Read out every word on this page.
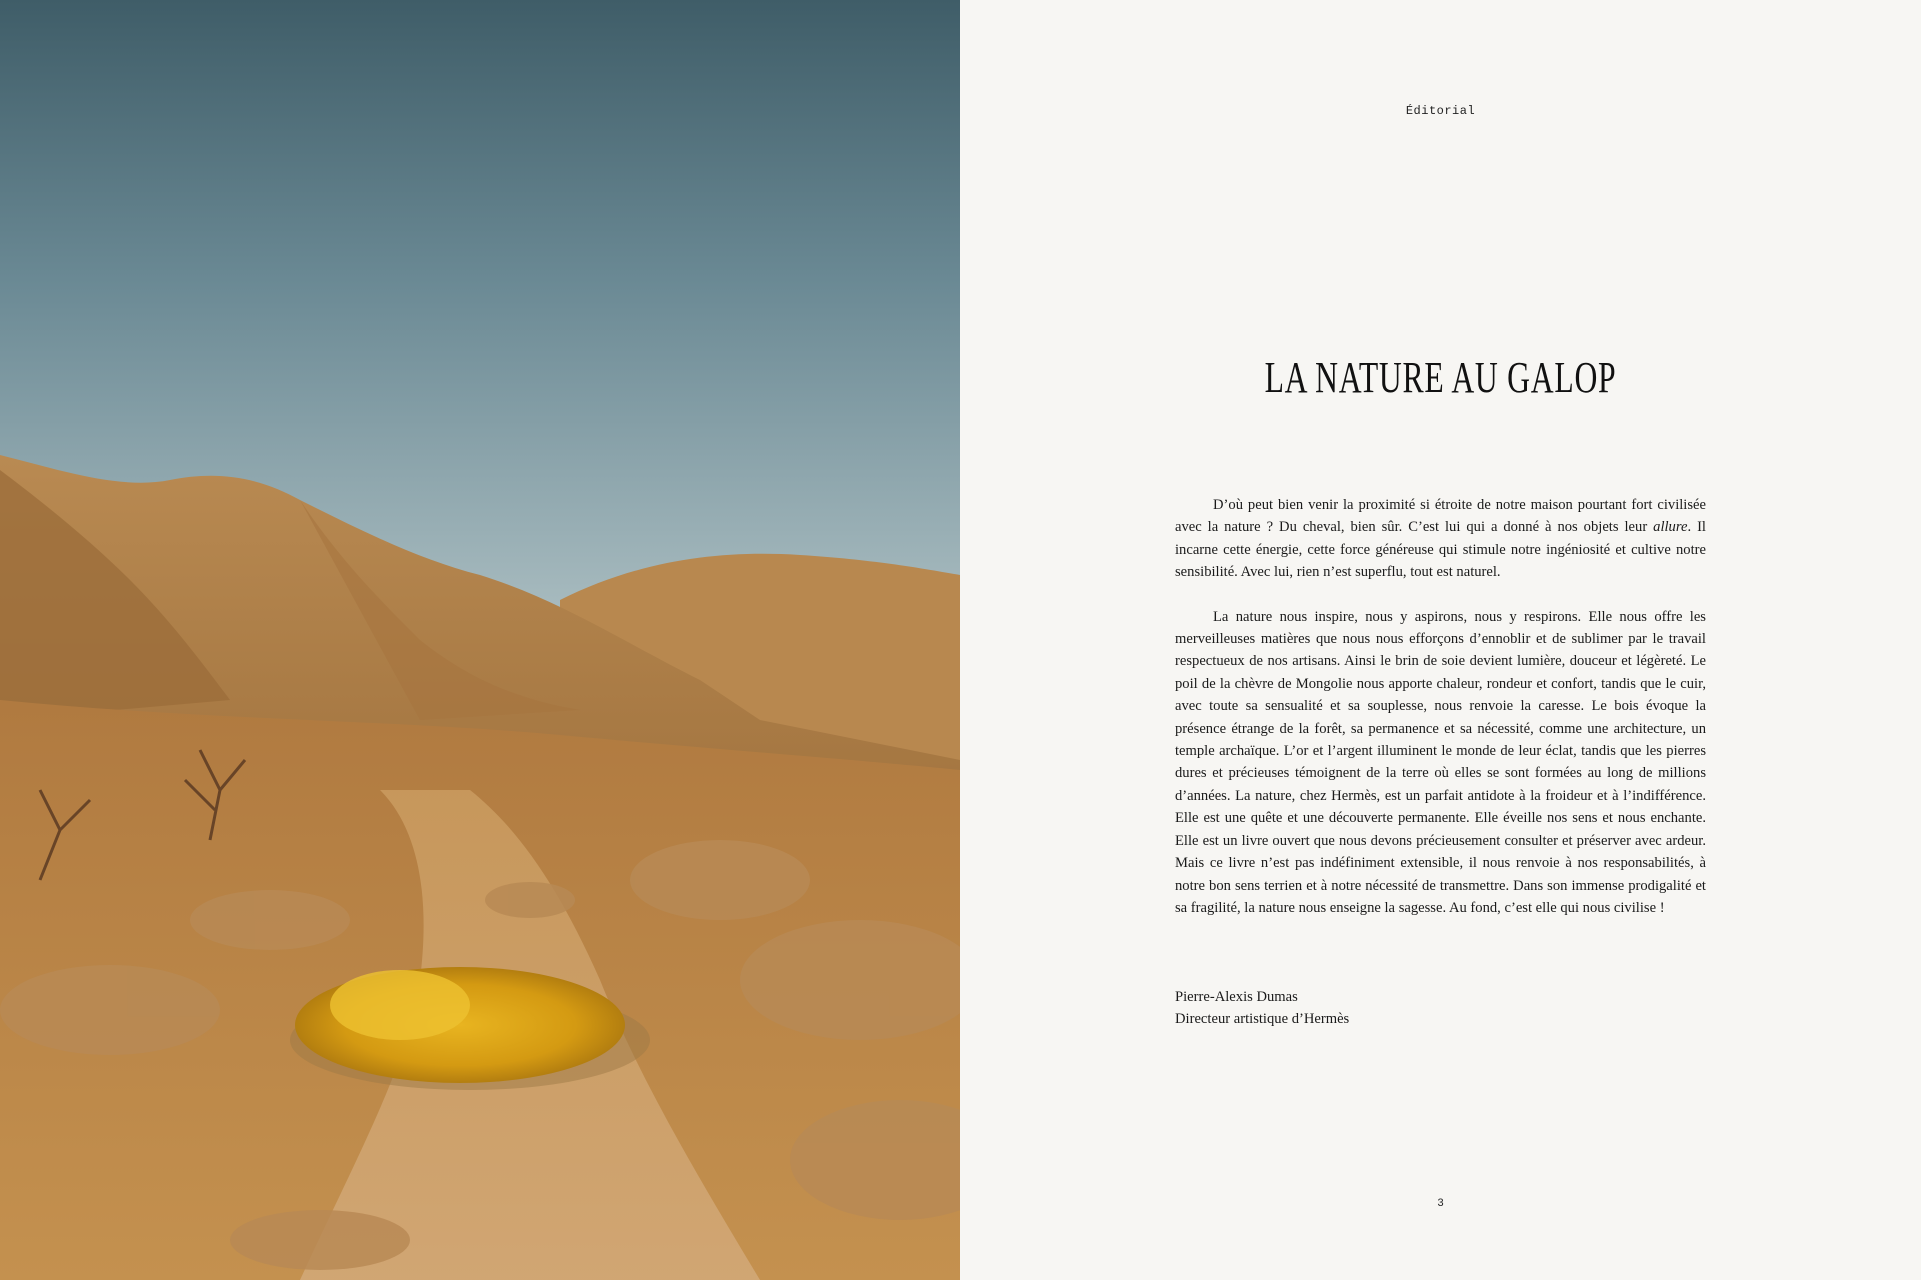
Éditorial
LA NATURE AU GALOP

D’où peut bien venir la proximité si étroite de notre maison pourtant fort civilisée avec la nature ? Du cheval, bien sûr. C’est lui qui a donné à nos objets leur allure. Il incarne cette énergie, cette force généreuse qui stimule notre ingéniosité et cultive notre sensibilité. Avec lui, rien n’est superflu, tout est naturel.

La nature nous inspire, nous y aspirons, nous y respirons. Elle nous offre les merveilleuses matières que nous nous efforçons d’ennoblir et de sublimer par le travail respectueux de nos artisans. Ainsi le brin de soie devient lumière, douceur et légèreté. Le poil de la chèvre de Mongolie nous apporte chaleur, rondeur et confort, tandis que le cuir, avec toute sa sensualité et sa souplesse, nous renvoie la caresse. Le bois évoque la présence étrange de la forêt, sa permanence et sa nécessité, comme une architecture, un temple archaïque. L’or et l’argent illuminent le monde de leur éclat, tandis que les pierres dures et précieuses témoignent de la terre où elles se sont formées au long de millions d’années. La nature, chez Hermès, est un parfait antidote à la froideur et à l’indifférence. Elle est une quête et une découverte permanente. Elle éveille nos sens et nous enchante. Elle est un livre ouvert que nous devons précieusement consulter et préserver avec ardeur. Mais ce livre n’est pas indéfiniment extensible, il nous renvoie à nos responsabilités, à notre bon sens terrien et à notre nécessité de transmettre. Dans son immense prodigalité et sa fragilité, la nature nous enseigne la sagesse. Au fond, c’est elle qui nous civilise !

Pierre-Alexis Dumas
Directeur artistique d’Hermès
3
